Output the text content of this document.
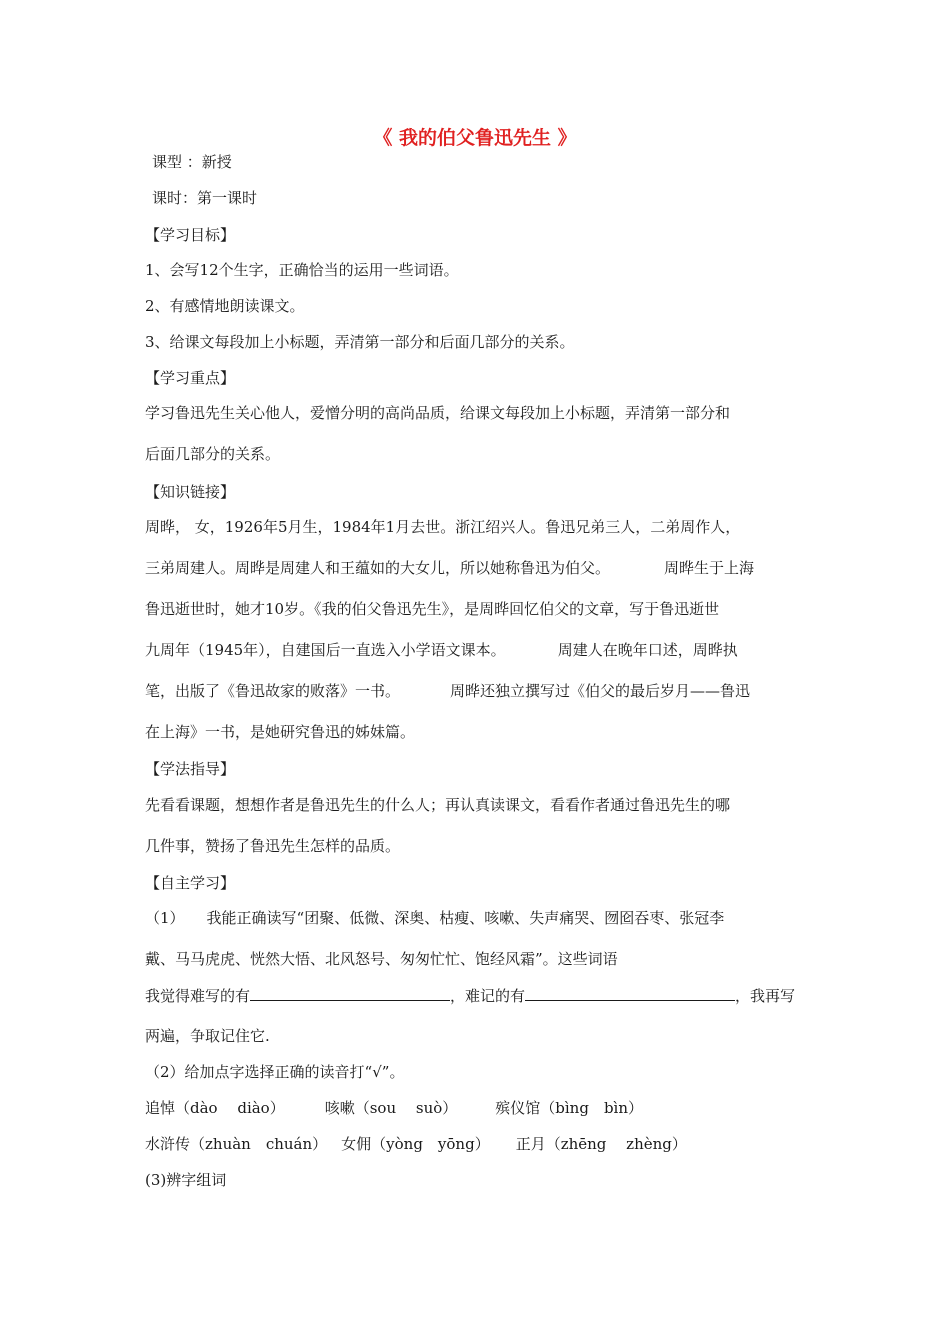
《 我的伯父鲁迅先生 》
课型 ：新授
课时：第一课时
【学习目标】
1、会写12个生字，正确恰当的运用一些词语。
2、有感情地朗读课文。
3、给课文每段加上小标题，弄清第一部分和后面几部分的关系。
【学习重点】
学习鲁迅先生关心他人，爱憎分明的高尚品质，给课文每段加上小标题，弄清第一部分和
后面几部分的关系。
【知识链接】
周晔， 女，1926年5月生，1984年1月去世。浙江绍兴人。鲁迅兄弟三人，二弟周作人，
三弟周建人。周晔是周建人和王蕴如的大女儿，所以她称鲁迅为伯父。	周晔生于上海
鲁迅逝世时，她才10岁。《我的伯父鲁迅先生》，是周晔回忆伯父的文章，写于鲁迅逝世
九周年（1945年），自建国后一直选入小学语文课本。	周建人在晚年口述，周晔执
笔，出版了《鲁迅故家的败落》一书。	周晔还独立撰写过《伯父的最后岁月——鲁迅
在上海》一书，是她研究鲁迅的姊妹篇。
【学法指导】
先看看课题，想想作者是鲁迅先生的什么人；再认真读课文，看看作者通过鲁迅先生的哪
几件事，赞扬了鲁迅先生怎样的品质。
【自主学习】
（1） 我能正确读写“团聚、低微、深奥、枯瘦、咳嗽、失声痛哭、囫囵吞枣、张冠李
戴、马马虎虎、恍然大悟、北风怒号、匆匆忙忙、饱经风霜”。这些词语
我觉得难写的有	，难记的有	，我再写
两遍，争取记住它.
（2）给加点字选择正确的读音打“√”。
追悼（dào　 diào）	咳嗽（sou　 suò）	殡仪馆（bìng　bìn）
水浒传（zhuàn　chuán） 女佣（yòng　yōng） 正月（zhēng　 zhèng）
(3)辨字组词
